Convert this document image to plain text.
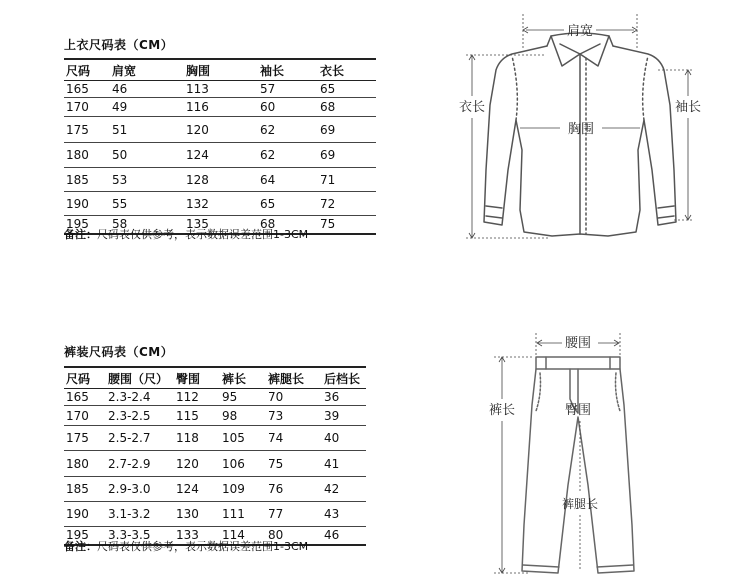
上衣尺码表（CM）
尺码	肩宽	胸围	袖长	衣长
165	46	113	57	65
170	49	116	60	68
175	51	120	62	69
180	50	124	62	69
185	53	128	64	71
190	55	132	65	72
195	58	135	68	75
备注：尺码表仅供参考，表示数据误差范围1-3CM
裤装尺码表（CM）
尺码	腰围（尺）	臀围	裤长	裤腿长	后档长
165	2.3-2.4	112	95	70	36
170	2.3-2.5	115	98	73	39
175	2.5-2.7	118	105	74	40
180	2.7-2.9	120	106	75	41
185	2.9-3.0	124	109	76	42
190	3.1-3.2	130	111	77	43
195	3.3-3.5	133	114	80	46
备注：尺码表仅供参考，表示数据误差范围1-3CM
肩宽
胸围
衣长	袖长
腰围
臀围
裤长
裤腿长
